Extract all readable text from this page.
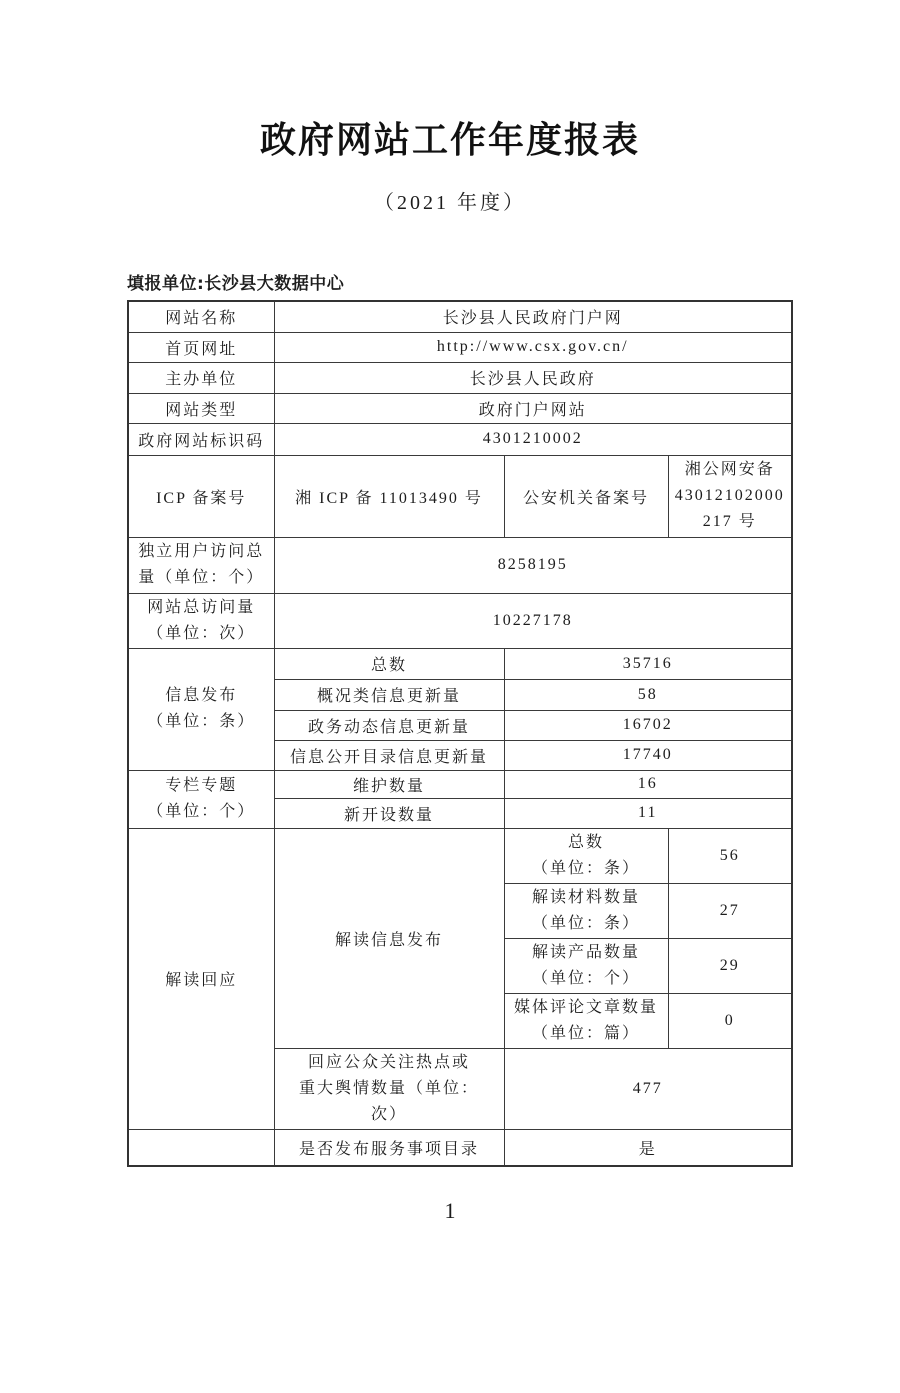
政府网站工作年度报表
（2021 年度）
填报单位:长沙县大数据中心
网站名称	长沙县人民政府门户网		
首页网址	http://www.csx.gov.cn/		
主办单位	长沙县人民政府		
网站类型	政府门户网站		
政府网站标识码	4301210002		
ICP 备案号	湘 ICP 备 11013490 号	公安机关备案号	湘公网安备
43012102000
217 号

独立用户访问总
量（单位：个）	8258195		

网站总访问量
（单位：次）	10227178		

信息发布
（单位：条）	总数	35716	
	概况类信息更新量	58	
	政务动态信息更新量	16702	
	信息公开目录信息更新量	17740	

专栏专题
（单位：个）	维护数量	16	
	新开设数量	11	
解读回应	解读信息发布	总数
（单位：条）	56

		解读材料数量
（单位：条）	27

		解读产品数量
（单位：个）	29

		媒体评论文章数量
（单位：篇）	0

	回应公众关注热点或
重大舆情数量（单位：
次）	477	
	是否发布服务事项目录	是	
1
